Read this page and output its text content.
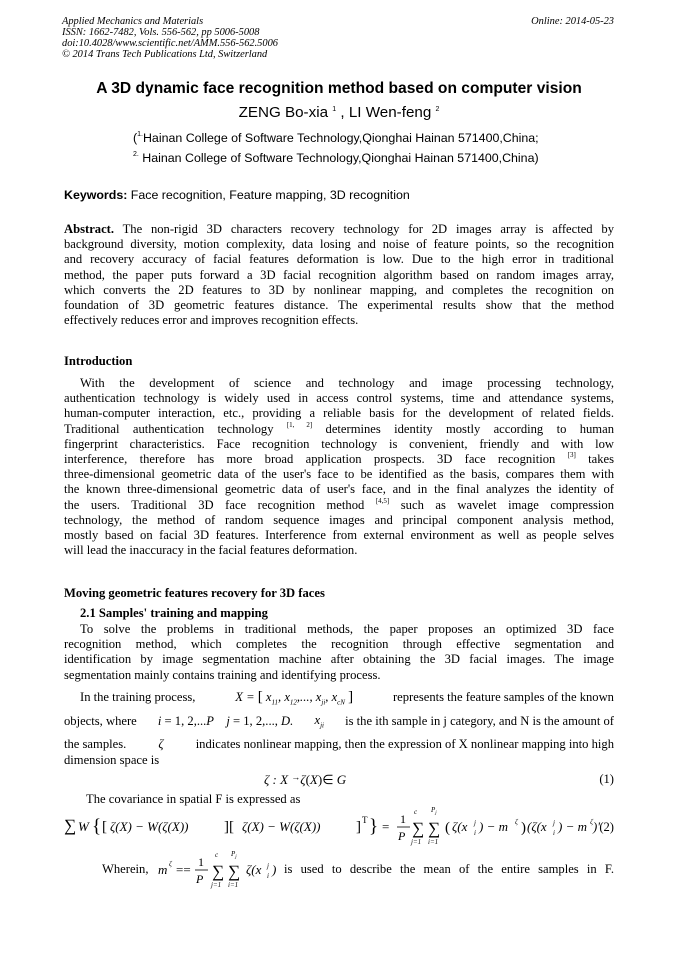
Applied Mechanics and Materials
ISSN: 1662-7482, Vols. 556-562, pp 5006-5008
doi:10.4028/www.scientific.net/AMM.556-562.5006
© 2014 Trans Tech Publications Ltd, Switzerland
Online: 2014-05-23
A 3D dynamic face recognition method based on computer vision
ZENG Bo-xia $^1$ , LI Wen-feng $^2$
($^{1.}$Hainan College of Software Technology,Qionghai Hainan 571400,China;
$^{2.}$ Hainan College of Software Technology,Qionghai Hainan 571400,China)
Keywords: Face recognition, Feature mapping, 3D recognition
Abstract. The non-rigid 3D characters recovery technology for 2D images array is affected by
background diversity, motion complexity, data losing and noise of feature points, so the recognition
and recovery accuracy of facial features deformation is low. Due to the high error in traditional
method, the paper puts forward a 3D facial recognition algorithm based on random images array,
which converts the 2D features to 3D by nonlinear mapping, and completes the recognition on
foundation of 3D geometric features distance. The experimental results show that the method
effectively reduces error and improves recognition effects.
Introduction
With the development of science and technology and image processing technology,
authentication technology is widely used in access control systems, time and attendance systems,
human-computer interaction, etc., providing a reliable basis for the development of related fields.
Traditional authentication technology [1, 2] determines identity mostly according to human
fingerprint characteristics. Face recognition technology is convenient, friendly and with low
interference, therefore has more broad application prospects. 3D face recognition [3] takes
three-dimensional geometric data of the user's face to be identified as the basis, compares them with
the known three-dimensional geometric data of user's face, and in the final analyzes the identity of
the users. Traditional 3D face recognition method [4,5] such as wavelet image compression
technology, the method of random sequence images and principal component analysis method,
mostly based on facial 3D features. Interference from external environment as well as people selves
will lead the inaccuracy in the facial features deformation.
Moving geometric features recovery for 3D faces
2.1 Samples' training and mapping
To solve the problems in traditional methods, the paper proposes an optimized 3D face
recognition method, which completes the recognition through effective segmentation and
identification by image segmentation machine after obtaining the 3D facial images. The image
segmentation mainly contains training and identifying process.
In the training process,	X = [ $x_{11}$, $x_{12}$,..., $x_{ji}$, $x_{cN}$ ]	represents the feature samples of the known
objects, where i = 1, 2,...P    j = 1, 2,..., D. $x_{ji}$ is the ith sample in j category, and N is the amount of
the samples.	ζ	indicates nonlinear mapping, then the expression of X nonlinear mapping into high
dimension space is
ζ : X →ζ(X)∈ G	(1)
The covariance in spatial F is expressed as
∑ W { [ ζ(X) − W(ζ(X)) ][ ζ(X) − W(ζ(X)) ] T } = 1
P
c
∑
j=1
$P_j$
∑
i=1
( ζ(x j
i ) − m ζ ) (ζ(x j
i ) − m ζ )' (2)
Wherein, m ζ == 1
P
c
∑
j=1
$P_j$
∑
i=1
ζ(x j
i ) is used to describe the mean of the entire samples in F.
